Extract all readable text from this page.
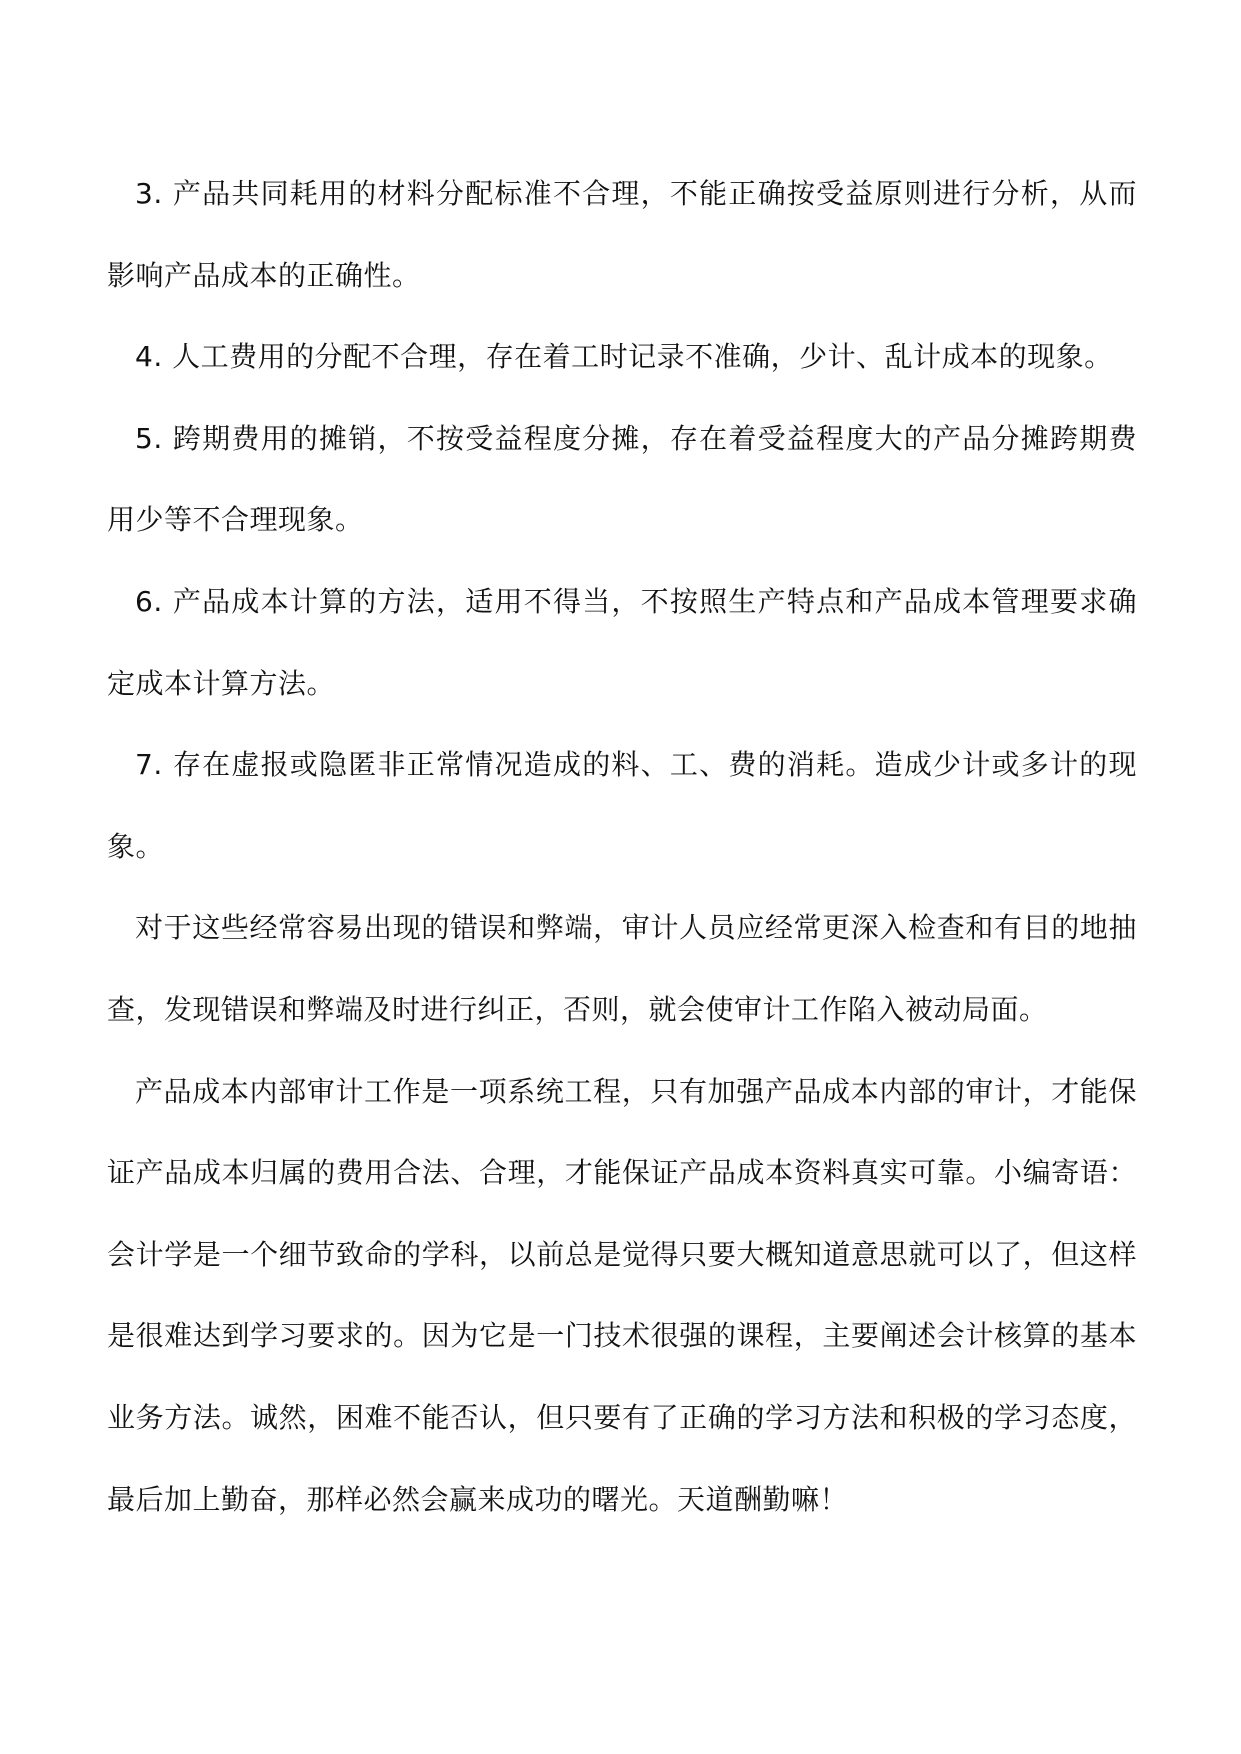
3. 产品共同耗用的材料分配标准不合理，不能正确按受益原则进行分析，从而影响产品成本的正确性。

4. 人工费用的分配不合理，存在着工时记录不准确，少计、乱计成本的现象。

5. 跨期费用的摊销，不按受益程度分摊，存在着受益程度大的产品分摊跨期费用少等不合理现象。

6. 产品成本计算的方法，适用不得当，不按照生产特点和产品成本管理要求确定成本计算方法。

7. 存在虚报或隐匿非正常情况造成的料、工、费的消耗。造成少计或多计的现象。

对于这些经常容易出现的错误和弊端，审计人员应经常更深入检查和有目的地抽查，发现错误和弊端及时进行纠正，否则，就会使审计工作陷入被动局面。

产品成本内部审计工作是一项系统工程，只有加强产品成本内部的审计，才能保证产品成本归属的费用合法、合理，才能保证产品成本资料真实可靠。小编寄语：会计学是一个细节致命的学科，以前总是觉得只要大概知道意思就可以了，但这样是很难达到学习要求的。因为它是一门技术很强的课程，主要阐述会计核算的基本业务方法。诚然，困难不能否认，但只要有了正确的学习方法和积极的学习态度，最后加上勤奋，那样必然会赢来成功的曙光。天道酬勤嘛！
